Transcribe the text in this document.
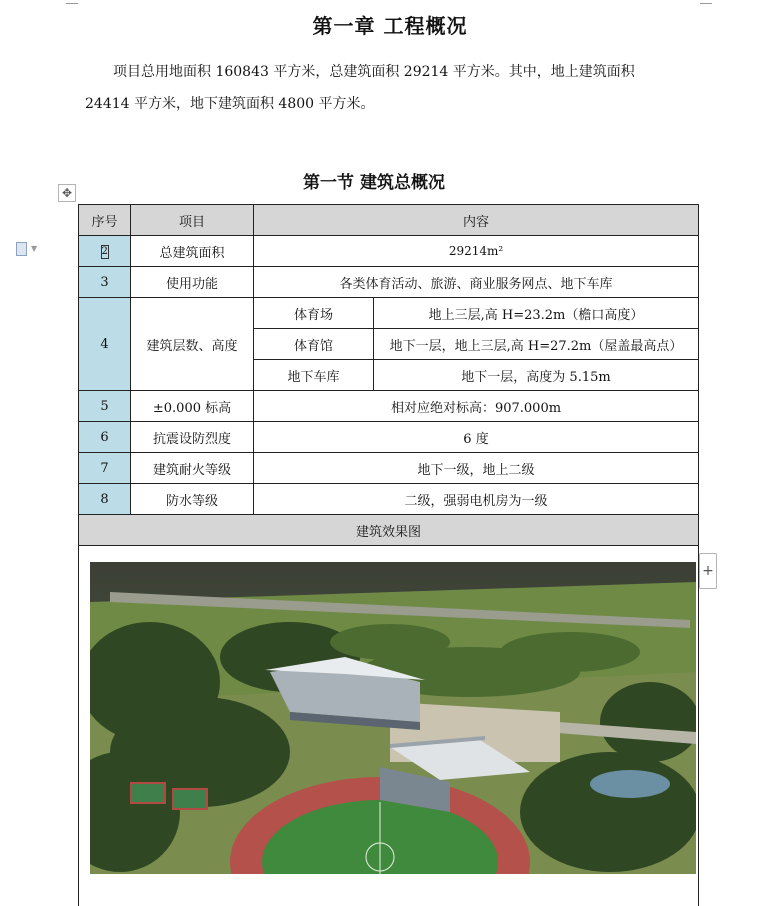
第一章 工程概况
项目总用地面积 160843 平方米，总建筑面积 29214 平方米。其中，地上建筑面积
24414 平方米，地下建筑面积 4800 平方米。
第一节 建筑总概况
✥
▼
序号	项目	内容	
2	总建筑面积	29214m²	
3	使用功能	各类体育活动、旅游、商业服务网点、地下车库	
4	建筑层数、高度	体育场	地上三层,高 H=23.2m（檐口高度）
		体育馆	地下一层，地上三层,高 H=27.2m（屋盖最高点）
		地下车库	地下一层，高度为 5.15m
5	±0.000 标高	相对应绝对标高：907.000m	
6	抗震设防烈度	6 度	
7	建筑耐火等级	地下一级，地上二级	
8	防水等级	二级，强弱电机房为一级	
建筑效果图			

+
